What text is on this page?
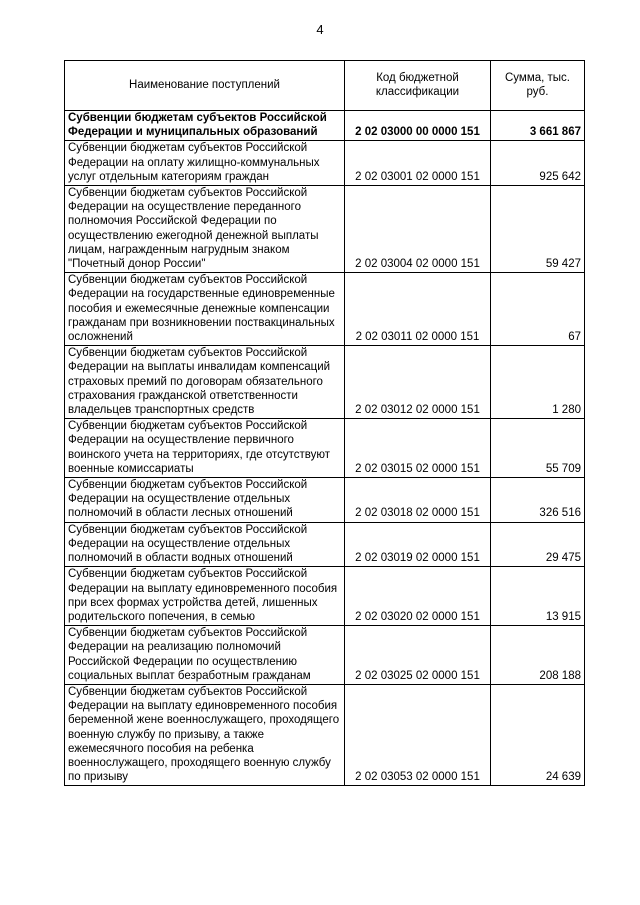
4
Наименование поступлений	Код бюджетной классификации	Сумма, тыс. руб.
Субвенции бюджетам субъектов Российской Федерации и муниципальных образований	2 02 03000 00 0000 151	3 661 867
Субвенции бюджетам субъектов Российской Федерации на оплату жилищно-коммунальных услуг отдельным категориям граждан	2 02 03001 02 0000 151	925 642
Субвенции бюджетам субъектов Российской Федерации на осуществление переданного полномочия Российской Федерации по осуществлению ежегодной денежной выплаты лицам, награжденным нагрудным знаком "Почетный донор России"	2 02 03004 02 0000 151	59 427
Субвенции бюджетам субъектов Российской Федерации на государственные единовременные пособия и ежемесячные денежные компенсации гражданам при возникновении поствакцинальных осложнений	2 02 03011 02 0000 151	67
Субвенции бюджетам субъектов Российской Федерации на выплаты инвалидам компенсаций страховых премий по договорам обязательного страхования гражданской ответственности владельцев транспортных средств	2 02 03012 02 0000 151	1 280
Субвенции бюджетам субъектов Российской Федерации на осуществление первичного воинского учета на территориях, где отсутствуют военные комиссариаты	2 02 03015 02 0000 151	55 709
Субвенции бюджетам субъектов Российской Федерации на осуществление отдельных полномочий в области лесных отношений	2 02 03018 02 0000 151	326 516
Субвенции бюджетам субъектов Российской Федерации на осуществление отдельных полномочий в области водных отношений	2 02 03019 02 0000 151	29 475
Субвенции бюджетам субъектов Российской Федерации на выплату единовременного пособия при всех формах устройства детей, лишенных родительского попечения, в семью	2 02 03020 02 0000 151	13 915
Субвенции бюджетам субъектов Российской Федерации на реализацию полномочий Российской Федерации по осуществлению социальных выплат безработным гражданам	2 02 03025 02 0000 151	208 188
Субвенции бюджетам субъектов Российской Федерации на выплату единовременного пособия беременной жене военнослужащего, проходящего военную службу по призыву, а также ежемесячного пособия на ребенка военнослужащего, проходящего военную службу по призыву	2 02 03053 02 0000 151	24 639
